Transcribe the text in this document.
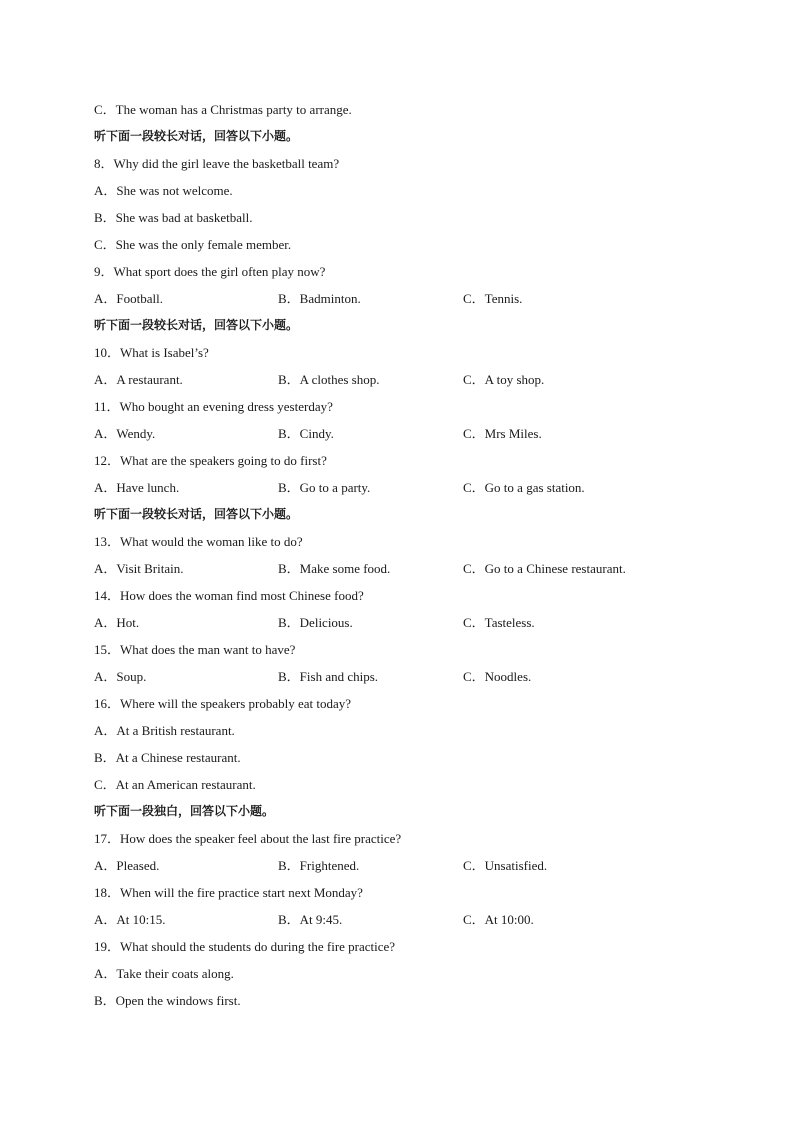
C．The woman has a Christmas party to arrange.
听下面一段较长对话，回答以下小题。
8．Why did the girl leave the basketball team?
A．She was not welcome.
B．She was bad at basketball.
C．She was the only female member.
9．What sport does the girl often play now?
A．Football.	B．Badminton.	C．Tennis.
听下面一段较长对话，回答以下小题。
10．What is Isabel’s?
A．A restaurant.	B．A clothes shop.	C．A toy shop.
11．Who bought an evening dress yesterday?
A．Wendy.	B．Cindy.	C．Mrs Miles.
12．What are the speakers going to do first?
A．Have lunch.	B．Go to a party.	C．Go to a gas station.
听下面一段较长对话，回答以下小题。
13．What would the woman like to do?
A．Visit Britain.	B．Make some food.	C．Go to a Chinese restaurant.
14．How does the woman find most Chinese food?
A．Hot.	B．Delicious.	C．Tasteless.
15．What does the man want to have?
A．Soup.	B．Fish and chips.	C．Noodles.
16．Where will the speakers probably eat today?
A．At a British restaurant.
B．At a Chinese restaurant.
C．At an American restaurant.
听下面一段独白，回答以下小题。
17．How does the speaker feel about the last fire practice?
A．Pleased.	B．Frightened.	C．Unsatisfied.
18．When will the fire practice start next Monday?
A．At 10:15.	B．At 9:45.	C．At 10:00.
19．What should the students do during the fire practice?
A．Take their coats along.
B．Open the windows first.
